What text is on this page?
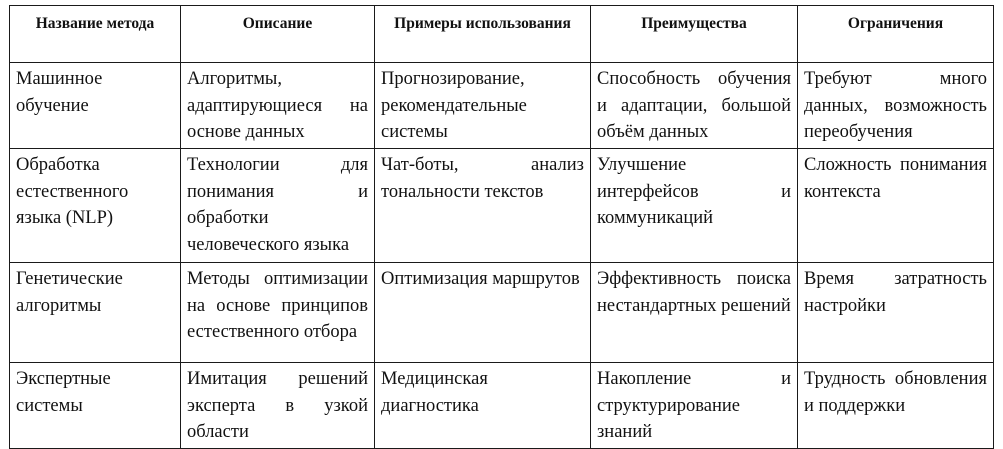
Название метода	Описание	Примеры использования	Преимущества	Ограничения
Машинное обучение	Алгоритмы, адаптирующиеся на основе данных	Прогнозирование, рекомендательные системы	Способность обучения и адаптации, большой объём данных	Требуют много данных, возможность переобучения
Обработка естественного языка (NLP)	Технологии для понимания и обработки человеческого языка	Чат-боты, анализ тональности текстов	Улучшение интерфейсов и коммуникаций	Сложность понимания контекста
Генетические алгоритмы	Методы оптимизации на основе принципов естественного отбора	Оптимизация маршрутов	Эффективность поиска нестандартных решений	Время затратность настройки
Экспертные системы	Имитация решений эксперта в узкой области	Медицинская диагностика	Накопление и структурирование знаний	Трудность обновления и поддержки
